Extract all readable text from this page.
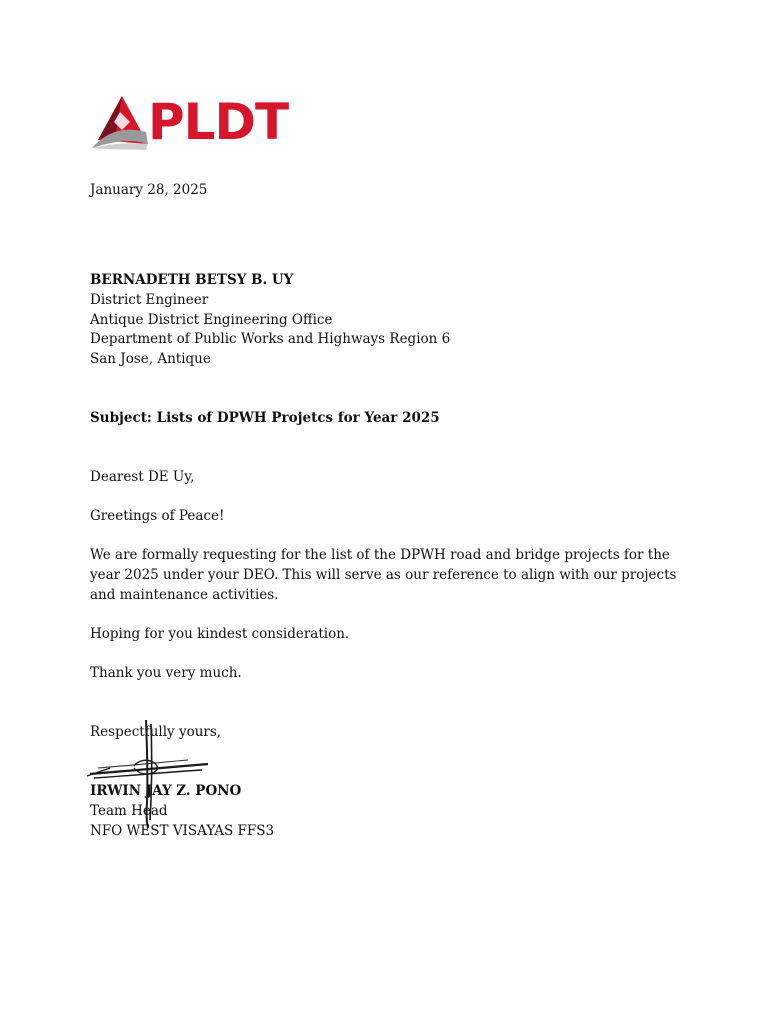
PLDT
January 28, 2025
BERNADETH BETSY B. UY
District Engineer
Antique District Engineering Office
Department of Public Works and Highways Region 6
San Jose, Antique
Subject: Lists of DPWH Projetcs for Year 2025
Dearest DE Uy,
Greetings of Peace!
We are formally requesting for the list of the DPWH road and bridge projects for the year 2025 under your DEO. This will serve as our reference to align with our projects and maintenance activities.
Hoping for you kindest consideration.
Thank you very much.
Respectfully yours,
IRWIN JAY Z. PONO
Team Head
NFO WEST VISAYAS FFS3
